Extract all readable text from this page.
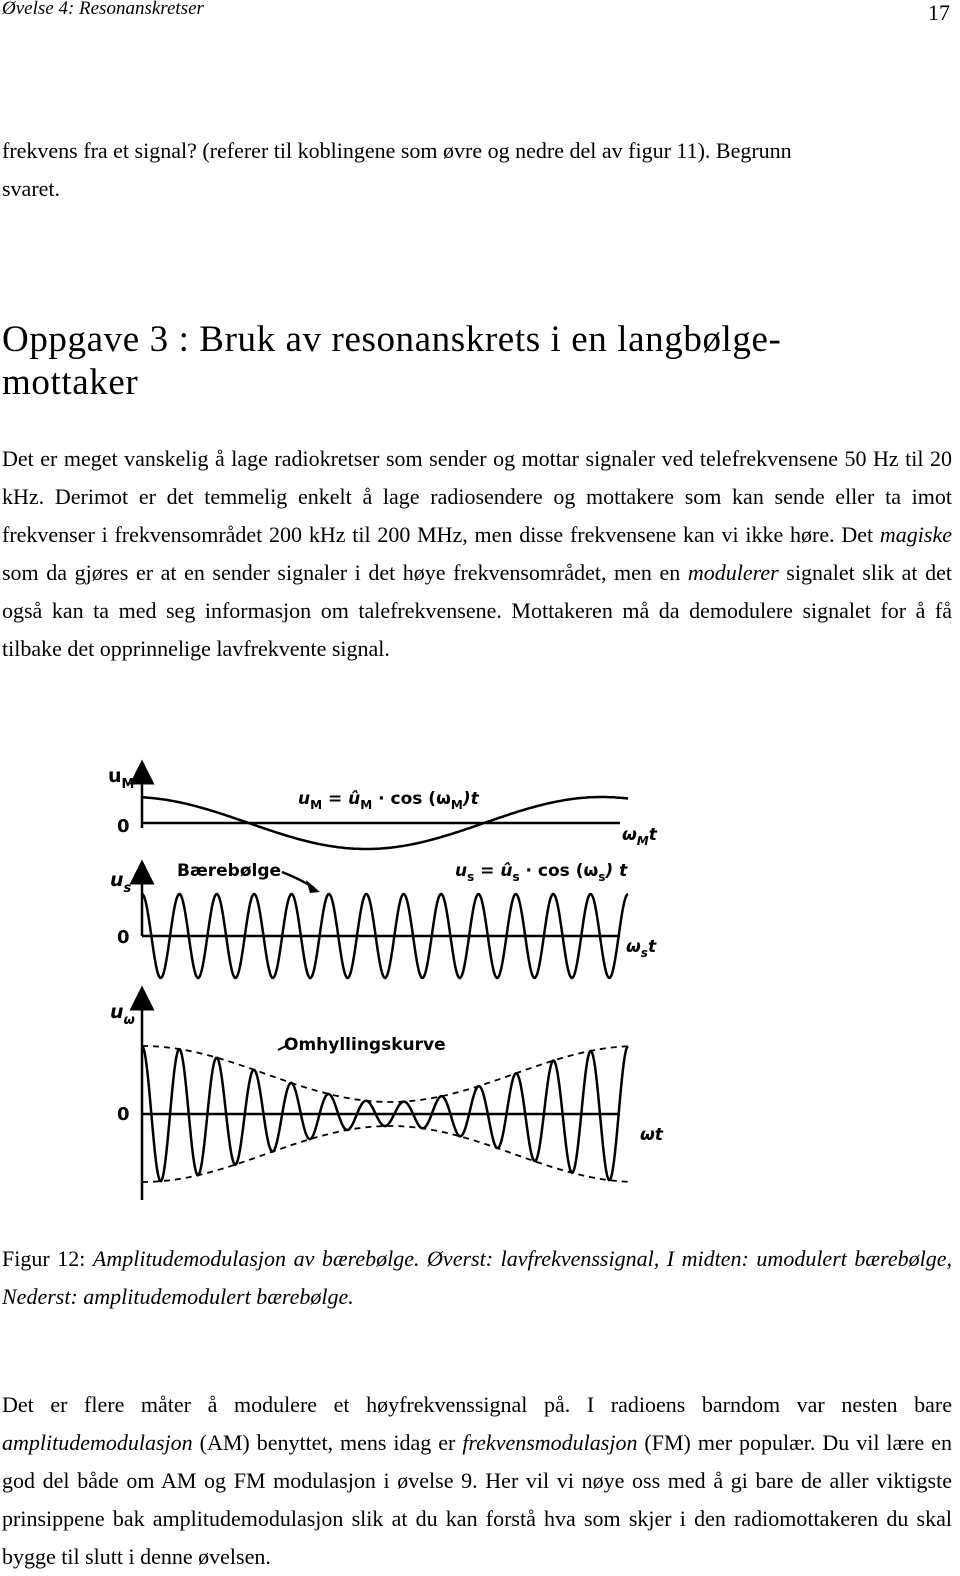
Øvelse 4: Resonanskretser	17

frekvens fra et signal? (referer til koblingene som øvre og nedre del av figur 11). Begrunn
svaret.

Oppgave 3 : Bruk av resonanskrets i en langbølge-
mottaker

Det er meget vanskelig å lage radiokretser som sender og mottar signaler ved telefrekvensene 50 Hz til 20 kHz. Derimot er det temmelig enkelt å lage radiosendere og mottakere som kan sende eller ta imot frekvenser i frekvensområdet 200 kHz til 200 MHz, men disse frekvensene kan vi ikke høre. Det magiske som da gjøres er at en sender signaler i det høye frekvensområdet, men en modulerer signalet slik at det også kan ta med seg informasjon om talefrekvensene. Mottakeren må da demodulere signalet for å få tilbake det opprinnelige lavfrekvente signal.

$u_M$
0
$u_M$ = $û_M \cdot \cos (\omega_M)t$
$\omega_Mt$
$u_s$
0
Bærebølge	$u_s$ = $û_s \cdot \cos (\omega_s)$ t
$\omega_st$
$u_\omega$
0
Omhyllingskurve
ωt
Figur 12: Amplitudemodulasjon av bærebølge. Øverst: lavfrekvenssignal, I midten: umodulert bærebølge, Nederst: amplitudemodulert bærebølge.

Det er flere måter å modulere et høyfrekvenssignal på. I radioens barndom var nesten bare amplitudemodulasjon (AM) benyttet, mens idag er frekvensmodulasjon (FM) mer populær. Du vil lære en god del både om AM og FM modulasjon i øvelse 9. Her vil vi nøye oss med å gi bare de aller viktigste prinsippene bak amplitudemodulasjon slik at du kan forstå hva som skjer i den radiomottakeren du skal bygge til slutt i denne øvelsen.
